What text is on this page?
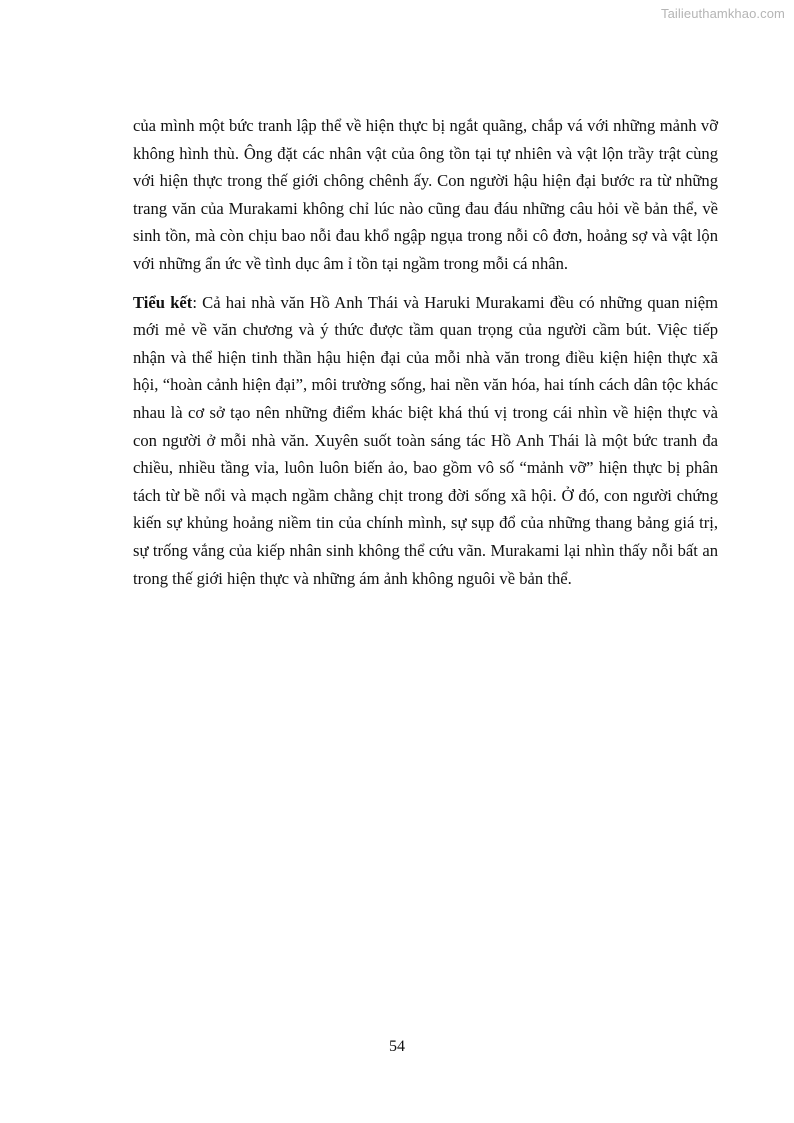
Tailieuthamkhao.com

của mình một bức tranh lập thể về hiện thực bị ngắt quãng, chắp vá với những mảnh vỡ không hình thù. Ông đặt các nhân vật của ông tồn tại tự nhiên và vật lộn trầy trật cùng với hiện thực trong thế giới chông chênh ấy. Con người hậu hiện đại bước ra từ những trang văn của Murakami không chỉ lúc nào cũng đau đáu những câu hỏi về bản thể, về sinh tồn, mà còn chịu bao nỗi đau khổ ngập ngụa trong nỗi cô đơn, hoảng sợ và vật lộn với những ẩn ức về tình dục âm ỉ tồn tại ngầm trong mỗi cá nhân.

Tiểu kết: Cả hai nhà văn Hồ Anh Thái và Haruki Murakami đều có những quan niệm mới mẻ về văn chương và ý thức được tầm quan trọng của người cầm bút. Việc tiếp nhận và thể hiện tinh thần hậu hiện đại của mỗi nhà văn trong điều kiện hiện thực xã hội, “hoàn cảnh hiện đại”, môi trường sống, hai nền văn hóa, hai tính cách dân tộc khác nhau là cơ sở tạo nên những điểm khác biệt khá thú vị trong cái nhìn về hiện thực và con người ở mỗi nhà văn. Xuyên suốt toàn sáng tác Hồ Anh Thái là một bức tranh đa chiều, nhiều tầng vỉa, luôn luôn biến ảo, bao gồm vô số “mảnh vỡ” hiện thực bị phân tách từ bề nổi và mạch ngầm chằng chịt trong đời sống xã hội. Ở đó, con người chứng kiến sự khủng hoảng niềm tin của chính mình, sự sụp đổ của những thang bảng giá trị, sự trống vắng của kiếp nhân sinh không thể cứu vãn. Murakami lại nhìn thấy nỗi bất an trong thế giới hiện thực và những ám ảnh không nguôi về bản thể.

54
